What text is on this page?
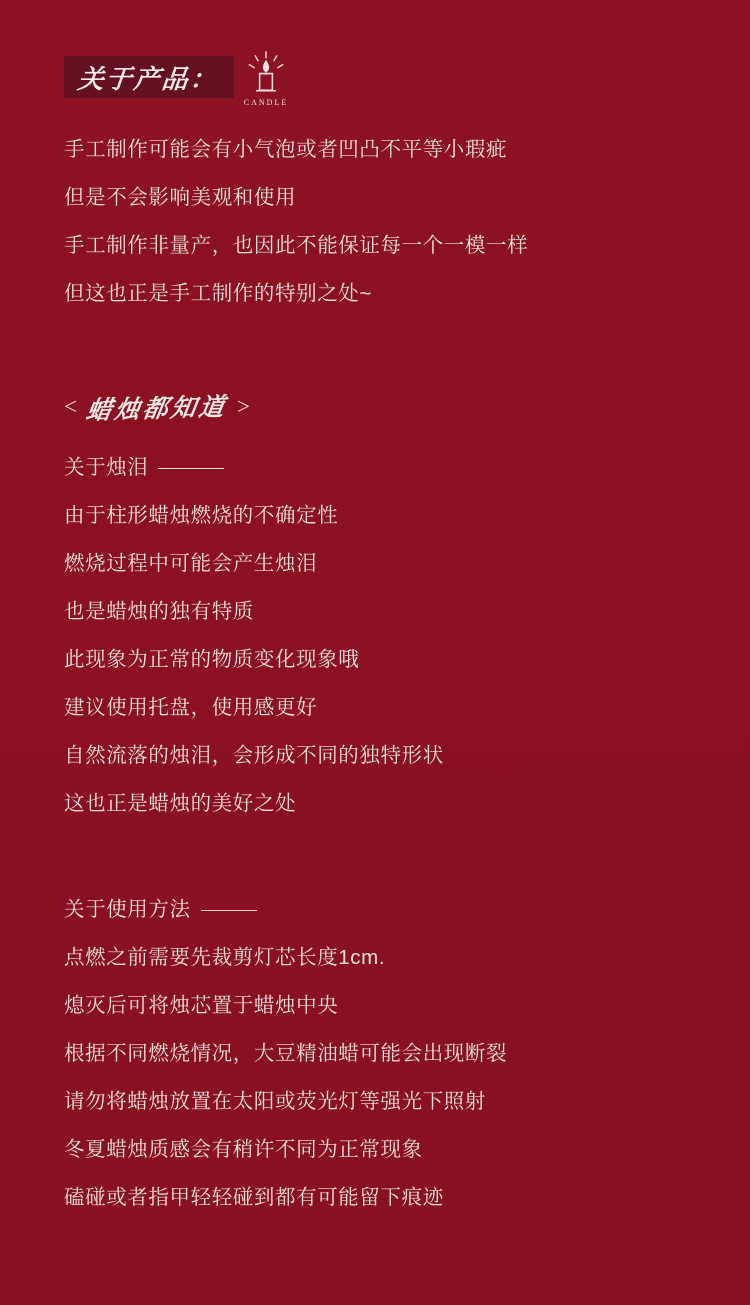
关于产品：
CANDLE
手工制作可能会有小气泡或者凹凸不平等小瑕疵
但是不会影响美观和使用
手工制作非量产，也因此不能保证每一个一模一样
但这也正是手工制作的特别之处~
< 蜡烛都知道 >
关于烛泪
由于柱形蜡烛燃烧的不确定性
燃烧过程中可能会产生烛泪
也是蜡烛的独有特质
此现象为正常的物质变化现象哦
建议使用托盘，使用感更好
自然流落的烛泪，会形成不同的独特形状
这也正是蜡烛的美好之处
关于使用方法
点燃之前需要先裁剪灯芯长度1cm.
熄灭后可将烛芯置于蜡烛中央
根据不同燃烧情况，大豆精油蜡可能会出现断裂
请勿将蜡烛放置在太阳或荧光灯等强光下照射
冬夏蜡烛质感会有稍许不同为正常现象
磕碰或者指甲轻轻碰到都有可能留下痕迹
